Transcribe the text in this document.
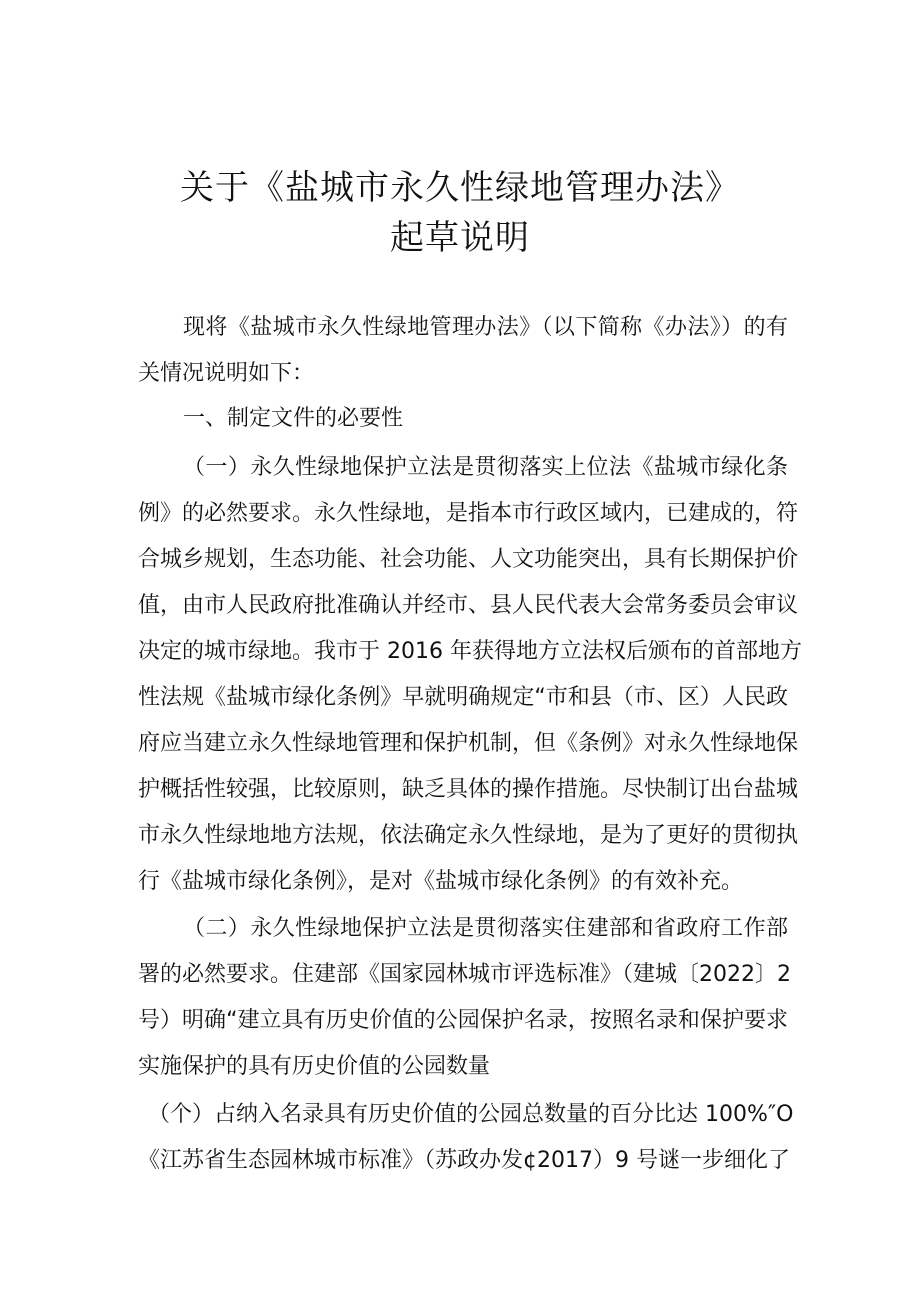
关于《盐城市永久性绿地管理办法》
起草说明
现将《盐城市永久性绿地管理办法》（以下简称《办法》）的有
关情况说明如下：
一、制定文件的必要性
（一）永久性绿地保护立法是贯彻落实上位法《盐城市绿化条
例》的必然要求。永久性绿地，是指本市行政区域内，已建成的，符
合城乡规划，生态功能、社会功能、人文功能突出，具有长期保护价
值，由市人民政府批准确认并经市、县人民代表大会常务委员会审议
决定的城市绿地。我市于 2016 年获得地方立法权后颁布的首部地方
性法规《盐城市绿化条例》早就明确规定“市和县（市、区）人民政
府应当建立永久性绿地管理和保护机制，但《条例》对永久性绿地保
护概括性较强，比较原则，缺乏具体的操作措施。尽快制订出台盐城
市永久性绿地地方法规，依法确定永久性绿地，是为了更好的贯彻执
行《盐城市绿化条例》，是对《盐城市绿化条例》的有效补充。
（二）永久性绿地保护立法是贯彻落实住建部和省政府工作部
署的必然要求。住建部《国家园林城市评选标准》（建城〔2022〕2
号）明确“建立具有历史价值的公园保护名录，按照名录和保护要求
实施保护的具有历史价值的公园数量
（个）占纳入名录具有历史价值的公园总数量的百分比达 100%″O
《江苏省生态园林城市标准》（苏政办发¢2017）9 号谜一步细化了
